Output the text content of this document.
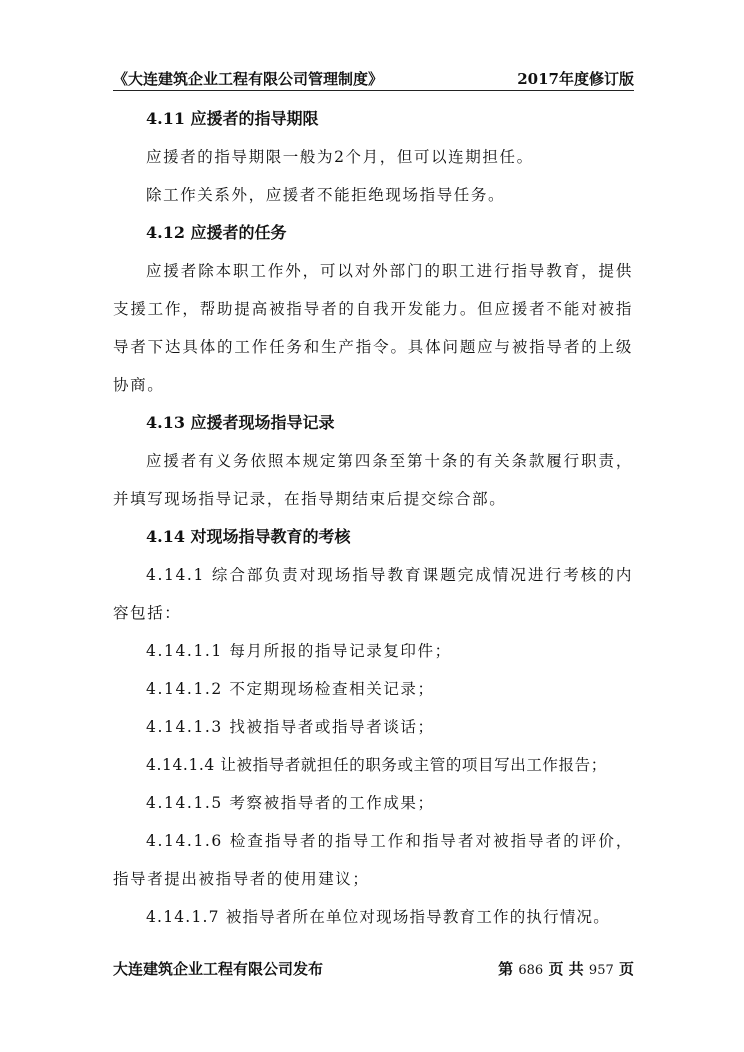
《大连建筑企业工程有限公司管理制度》	2017年度修订版
4.11 应援者的指导期限
应援者的指导期限一般为2个月，但可以连期担任。
除工作关系外，应援者不能拒绝现场指导任务。
4.12 应援者的任务
应援者除本职工作外，可以对外部门的职工进行指导教育，提供支援工作，帮助提高被指导者的自我开发能力。但应援者不能对被指导者下达具体的工作任务和生产指令。具体问题应与被指导者的上级协商。
4.13 应援者现场指导记录
应援者有义务依照本规定第四条至第十条的有关条款履行职责，并填写现场指导记录，在指导期结束后提交综合部。
4.14 对现场指导教育的考核
4.14.1 综合部负责对现场指导教育课题完成情况进行考核的内容包括：
4.14.1.1 每月所报的指导记录复印件；
4.14.1.2 不定期现场检查相关记录；
4.14.1.3 找被指导者或指导者谈话；
4.14.1.4 让被指导者就担任的职务或主管的项目写出工作报告；
4.14.1.5 考察被指导者的工作成果；
4.14.1.6 检查指导者的指导工作和指导者对被指导者的评价，指导者提出被指导者的使用建议；
4.14.1.7 被指导者所在单位对现场指导教育工作的执行情况。
大连建筑企业工程有限公司发布	第 686 页 共 957 页
